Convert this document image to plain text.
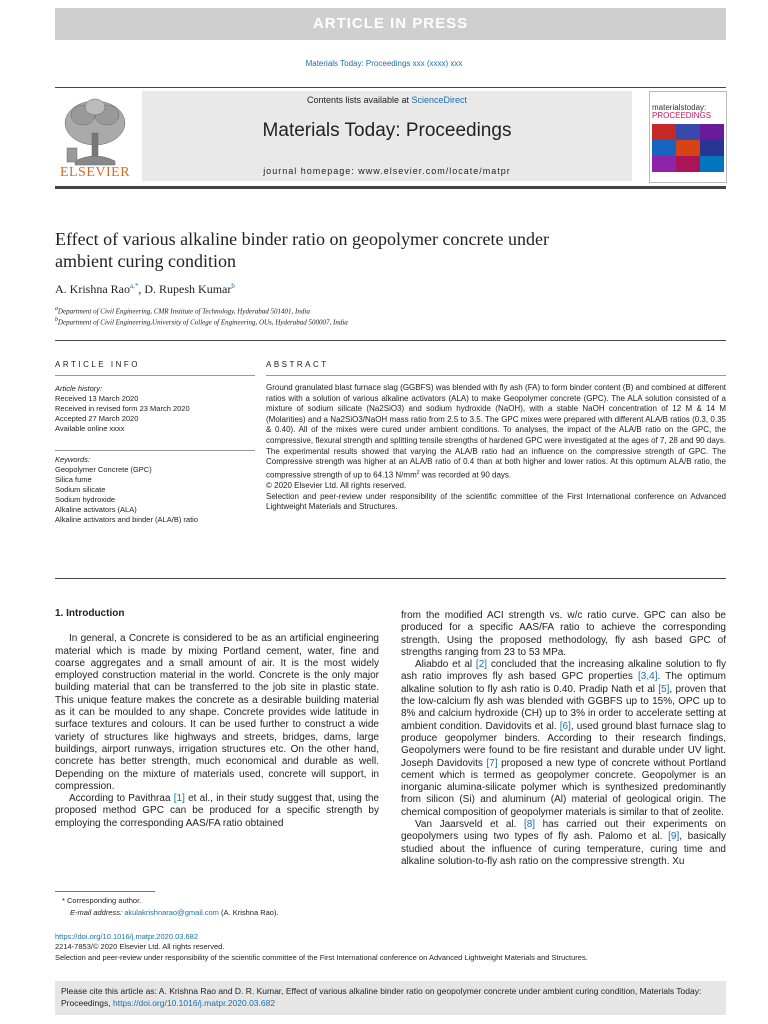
ARTICLE IN PRESS
Materials Today: Proceedings xxx (xxxx) xxx
ELSEVIER
Contents lists available at ScienceDirect
Materials Today: Proceedings
journal homepage: www.elsevier.com/locate/matpr
materialstoday:
PROCEEDINGS
Effect of various alkaline binder ratio on geopolymer concrete under
ambient curing condition
A. Krishna Rao$^{a,*}$, D. Rupesh Kumar$^b$
$^a$Department of Civil Engineering, CMR Institute of Technology, Hyderabad 501401, India
$^b$Department of Civil Engineering,University of College of Engineering, OUs, Hyderabad 500007, India
ARTICLE INFO
Article history:
Received 13 March 2020
Received in revised form 23 March 2020
Accepted 27 March 2020
Available online xxxx
Keywords:
Geopolymer Concrete (GPC)
Silica fume
Sodium silicate
Sodium hydroxide
Alkaline activators (ALA)
Alkaline activators and binder (ALA/B) ratio
ABSTRACT
Ground granulated blast furnace slag (GGBFS) was blended with fly ash (FA) to form binder content (B) and combined at different ratios with a solution of various alkaline activators (ALA) to make Geopolymer concrete (GPC). The ALA solution consisted of a mixture of sodium silicate (Na2SiO3) and sodium hydroxide (NaOH), with a stable NaOH concentration of 12 M & 14 M (Molarities) and a Na2SiO3/NaOH mass ratio from 2.5 to 3.5. The GPC mixes were prepared with different ALA/B ratios (0.3, 0.35 & 0.40). All of the mixes were cured under ambient conditions. To analyses, the impact of the ALA/B ratio on the GPC, the compressive, flexural strength and splitting tensile strengths of hardened GPC were investigated at the ages of 7, 28 and 90 days. The experimental results showed that varying the ALA/B ratio had an influence on the compressive strength of GPC. The Compressive strength was higher at an ALA/B ratio of 0.4 than at both higher and lower ratios. At this optimum ALA/B ratio, the compressive strength of up to 64.13 $N/mm^2$ was recorded at 90 days.
© 2020 Elsevier Ltd. All rights reserved.
Selection and peer-review under responsibility of the scientific committee of the First International conference on Advanced Lightweight Materials and Structures.

1. Introduction

In general, a Concrete is considered to be as an artificial engineering material which is made by mixing Portland cement, water, fine and coarse aggregates and a small amount of air. It is the most widely employed construction material in the world. Concrete is the only major building material that can be transferred to the job site in plastic state. This unique feature makes the concrete as a desirable building material as it can be moulded to any shape. Concrete provides wide latitude in surface textures and colours. It can be used further to construct a wide variety of structures like highways and streets, bridges, dams, large buildings, airport runways, irrigation structures etc. On the other hand, concrete has better strength, much economical and durable as well. Depending on the mixture of materials used, concrete will support, in compression.

According to Pavithraa [1] et al., in their study suggest that, using the proposed method GPC can be produced for a specific strength by employing the corresponding AAS/FA ratio obtained

from the modified ACI strength vs. w/c ratio curve. GPC can also be produced for a specific AAS/FA ratio to achieve the corresponding strength. Using the proposed methodology, fly ash based GPC of strengths ranging from 23 to 53 MPa.

Aliabdo et al [2] concluded that the increasing alkaline solution to fly ash ratio improves fly ash based GPC properties [3,4]. The optimum alkaline solution to fly ash ratio is 0.40. Pradip Nath et al [5], proven that the low-calcium fly ash was blended with GGBFS up to 15%, OPC up to 8% and calcium hydroxide (CH) up to 3% in order to accelerate setting at ambient condition. Davidovits et al. [6], used ground blast furnace slag to produce geopolymer binders. According to their research findings, Geopolymers were found to be fire resistant and durable under UV light. Joseph Davidovits [7] proposed a new type of concrete without Portland cement which is termed as geopolymer concrete. Geopolymer is an inorganic alumina-silicate polymer which is synthesized predominantly from silicon (Si) and aluminum (Al) material of geological origin. The chemical composition of geopolymer materials is similar to that of zeolite.

Van Jaarsveld et al. [8] has carried out their experiments on geopolymers using two types of fly ash. Palomo et al. [9], basically studied about the influence of curing temperature, curing time and alkaline solution-to-fly ash ratio on the compressive strength. Xu

* Corresponding author.
E-mail address: akulakrishnarao@gmail.com (A. Krishna Rao).
https://doi.org/10.1016/j.matpr.2020.03.682
2214-7853/© 2020 Elsevier Ltd. All rights reserved.
Selection and peer-review under responsibility of the scientific committee of the First International conference on Advanced Lightweight Materials and Structures.
Please cite this article as: A. Krishna Rao and D. R. Kumar, Effect of various alkaline binder ratio on geopolymer concrete under ambient curing condition, Materials Today: Proceedings, https://doi.org/10.1016/j.matpr.2020.03.682
